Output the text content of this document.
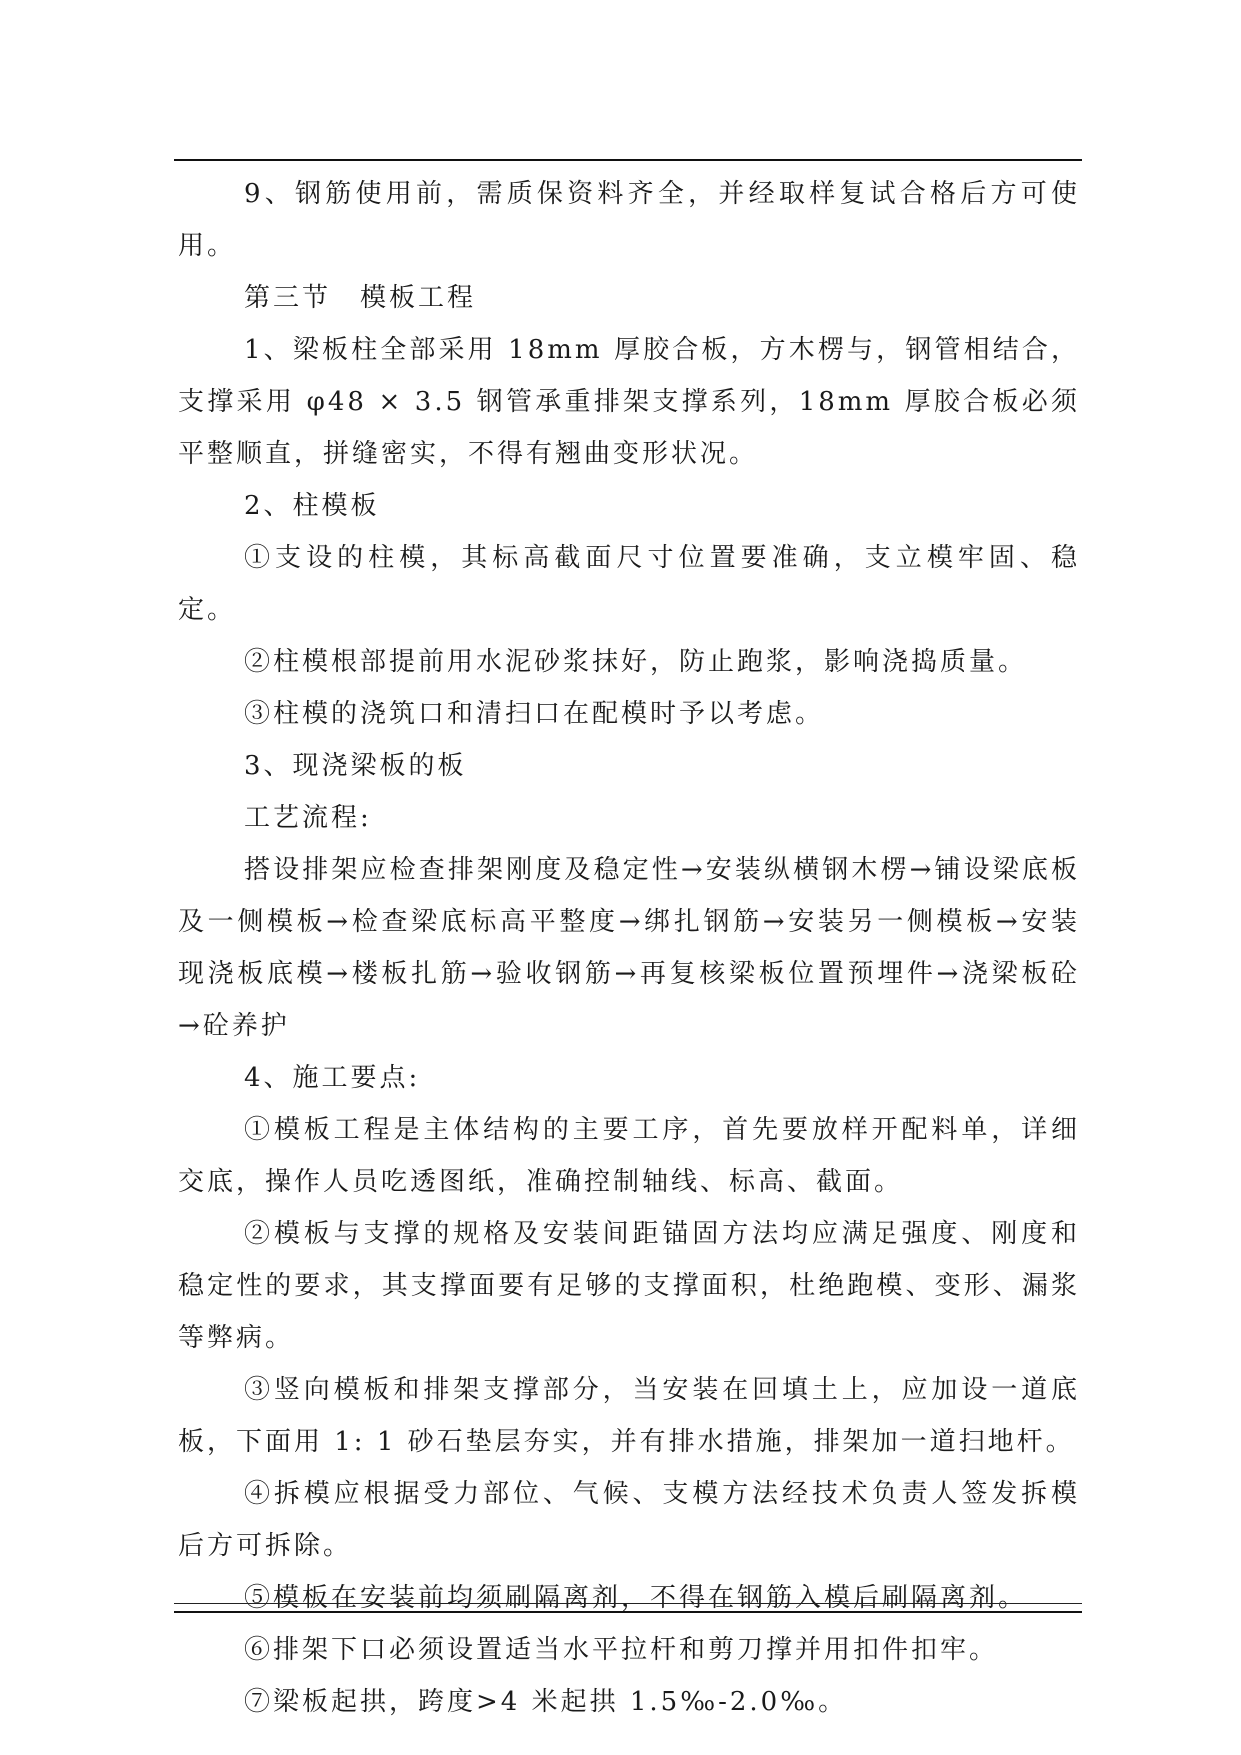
9、钢筋使用前，需质保资料齐全，并经取样复试合格后方可使用。

第三节　模板工程

1、梁板柱全部采用 18mm 厚胶合板，方木楞与，钢管相结合，支撑采用 φ48 × 3.5 钢管承重排架支撑系列，18mm 厚胶合板必须平整顺直，拼缝密实，不得有翘曲变形状况。

2、柱模板

①支设的柱模，其标高截面尺寸位置要准确，支立模牢固、稳定。

②柱模根部提前用水泥砂浆抹好，防止跑浆，影响浇捣质量。

③柱模的浇筑口和清扫口在配模时予以考虑。

3、现浇梁板的板

工艺流程:

搭设排架应检查排架刚度及稳定性→安装纵横钢木楞→铺设梁底板及一侧模板→检查梁底标高平整度→绑扎钢筋→安装另一侧模板→安装现浇板底模→楼板扎筋→验收钢筋→再复核梁板位置预埋件→浇梁板砼→砼养护

4、施工要点:

①模板工程是主体结构的主要工序，首先要放样开配料单，详细交底，操作人员吃透图纸，准确控制轴线、标高、截面。

②模板与支撑的规格及安装间距锚固方法均应满足强度、刚度和稳定性的要求，其支撑面要有足够的支撑面积，杜绝跑模、变形、漏浆等弊病。

③竖向模板和排架支撑部分，当安装在回填土上，应加设一道底板，下面用 1: 1 砂石垫层夯实，并有排水措施，排架加一道扫地杆。

④拆模应根据受力部位、气候、支模方法经技术负责人签发拆模后方可拆除。

⑤模板在安装前均须刷隔离剂，不得在钢筋入模后刷隔离剂。

⑥排架下口必须设置适当水平拉杆和剪刀撑并用扣件扣牢。

⑦梁板起拱，跨度>4 米起拱 1.5‰-2.0‰。
